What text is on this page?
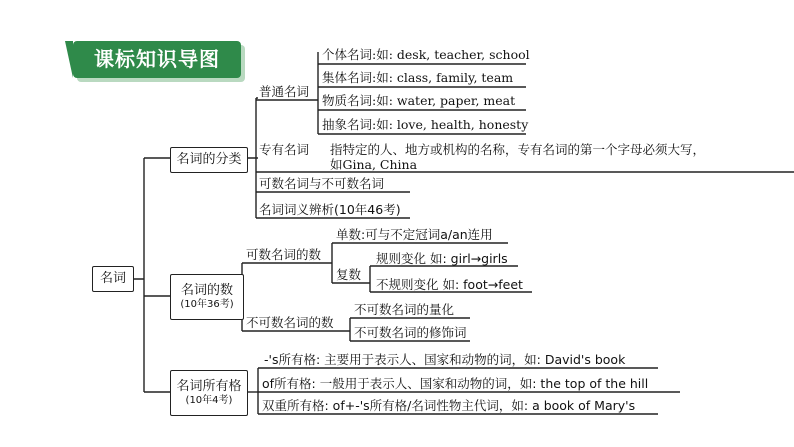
课标知识导图
名词
名词的分类
名词的数
(10年36考)
名词所有格
(10年4考)
普通名词
个体名词:如: desk, teacher, school
集体名词:如: class, family, team
物质名词:如: water, paper, meat
抽象名词:如: love, health, honesty
专有名词 指特定的人、地方或机构的名称，专有名词的第一个字母必须大写，
如Gina, China
可数名词与不可数名词
名词词义辨析(10年46考)
可数名词的数
单数:可与不定冠词a/an连用
复数
规则变化 如: girl→girls
不规则变化 如: foot→feet
不可数名词的数
不可数名词的量化
不可数名词的修饰词
-'s所有格: 主要用于表示人、国家和动物的词，如: David's book
of所有格: 一般用于表示人、国家和动物的词，如: the top of the hill
双重所有格: of+-'s所有格/名词性物主代词，如: a book of Mary's
